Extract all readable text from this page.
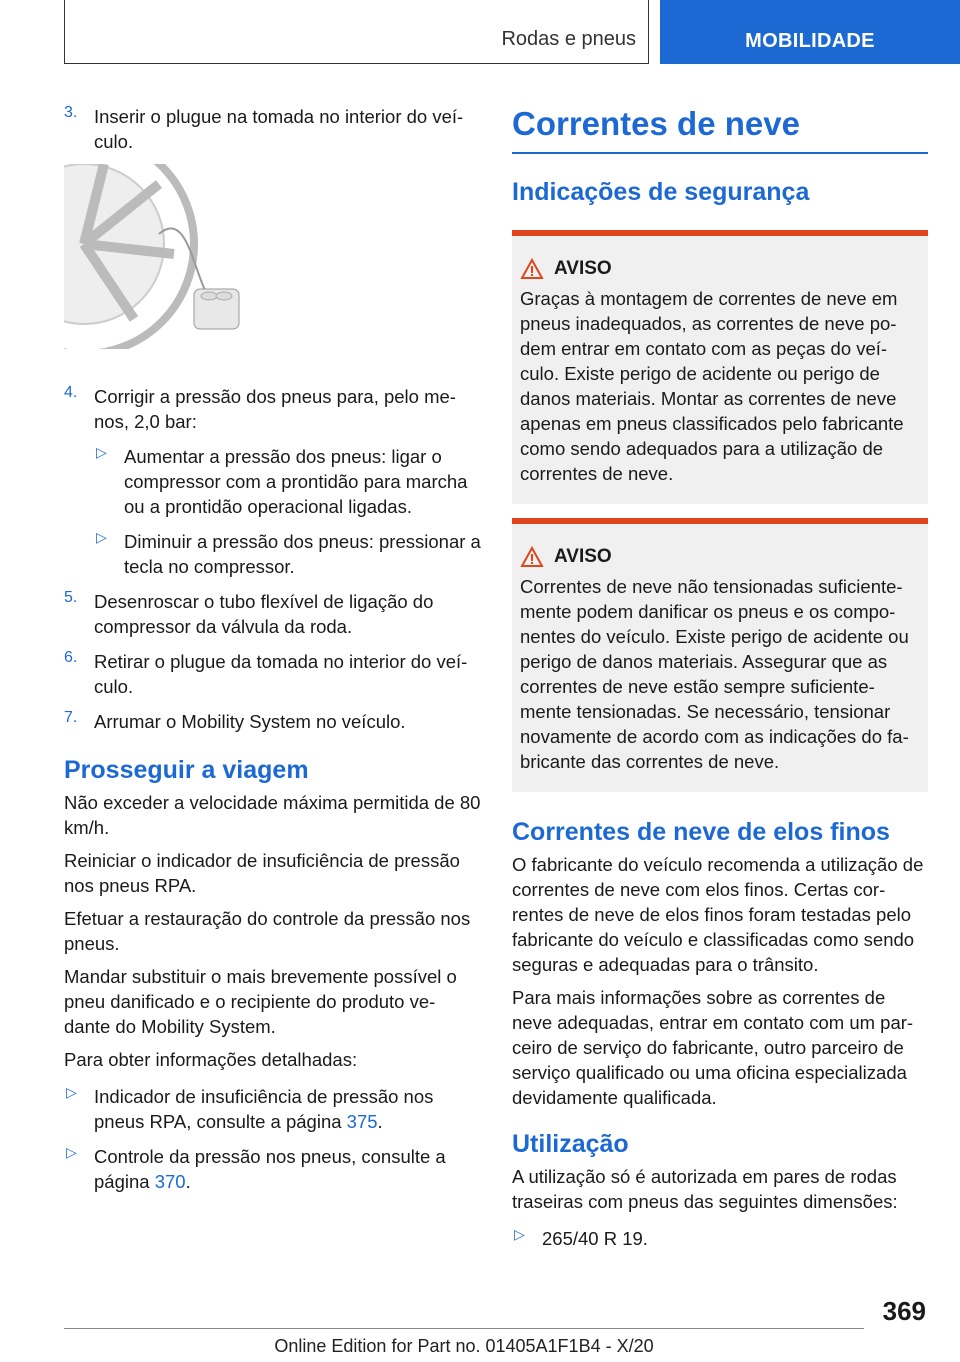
Rodas e pneus	MOBILIDADE
3. Inserir o plugue na tomada no interior do veí-
culo.

4. Corrigir a pressão dos pneus para, pelo me-
nos, 2,0 bar:

▷ Aumentar a pressão dos pneus: ligar o compressor com a prontidão para marcha ou a prontidão operacional ligadas.

▷ Diminuir a pressão dos pneus: pressionar a tecla no compressor.

5. Desenroscar o tubo flexível de ligação do compressor da válvula da roda.

6. Retirar o plugue da tomada no interior do veí-
culo.

7. Arrumar o Mobility System no veículo.

Prosseguir a viagem

Não exceder a velocidade máxima permitida de 80 km/h.

Reiniciar o indicador de insuficiência de pressão nos pneus RPA.

Efetuar a restauração do controle da pressão nos pneus.

Mandar substituir o mais brevemente possível o pneu danificado e o recipiente do produto ve-
dante do Mobility System.

Para obter informações detalhadas:

▷ Indicador de insuficiência de pressão nos pneus RPA, consulte a página 375.

▷ Controle da pressão nos pneus, consulte a página 370.

Correntes de neve
Indicações de segurança
AVISO

Graças à montagem de correntes de neve em pneus inadequados, as correntes de neve po-
dem entrar em contato com as peças do veí-
culo. Existe perigo de acidente ou perigo de danos materiais. Montar as correntes de neve apenas em pneus classificados pelo fabricante como sendo adequados para a utilização de correntes de neve.

AVISO

Correntes de neve não tensionadas suficiente-
mente podem danificar os pneus e os compo-
nentes do veículo. Existe perigo de acidente ou perigo de danos materiais. Assegurar que as correntes de neve estão sempre suficiente-
mente tensionadas. Se necessário, tensionar novamente de acordo com as indicações do fa-
bricante das correntes de neve.

Correntes de neve de elos finos

O fabricante do veículo recomenda a utilização de correntes de neve com elos finos. Certas cor-
rentes de neve de elos finos foram testadas pelo fabricante do veículo e classificadas como sendo seguras e adequadas para o trânsito.

Para mais informações sobre as correntes de neve adequadas, entrar em contato com um par-
ceiro de serviço do fabricante, outro parceiro de serviço qualificado ou uma oficina especializada devidamente qualificada.

Utilização

A utilização só é autorizada em pares de rodas traseiras com pneus das seguintes dimensões:

▷ 265/40 R 19.

369
Online Edition for Part no. 01405A1F1B4 - X/20
